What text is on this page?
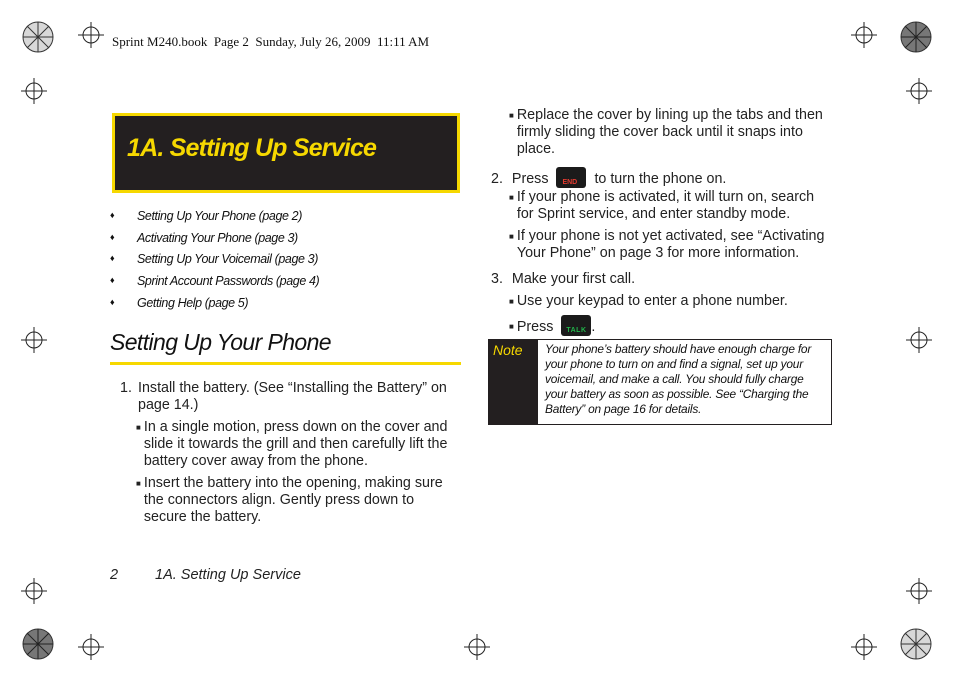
Sprint M240.book  Page 2  Sunday, July 26, 2009  11:11 AM
1A. Setting Up Service
♦ Setting Up Your Phone (page 2)
♦ Activating Your Phone (page 3)
♦ Setting Up Your Voicemail (page 3)
♦ Sprint Account Passwords (page 4)
♦ Getting Help (page 5)
Setting Up Your Phone
1. Install the battery. (See “Installing the Battery” on page 14.)
■ In a single motion, press down on the cover and slide it towards the grill and then carefully lift the battery cover away from the phone.
■ Insert the battery into the opening, making sure the connectors align. Gently press down to secure the battery.
■ Replace the cover by lining up the tabs and then firmly sliding the cover back until it snaps into place.
2. Press END to turn the phone on.
■ If your phone is activated, it will turn on, search for Sprint service, and enter standby mode.
■ If your phone is not yet activated, see “Activating Your Phone” on page 3 for more information.
3. Make your first call.
■ Use your keypad to enter a phone number.
■ Press TALK .
Note Your phone’s battery should have enough charge for your phone to turn on and find a signal, set up your voicemail, and make a call. You should fully charge your battery as soon as possible. See “Charging the Battery” on page 16 for details.
2	1A. Setting Up Service
